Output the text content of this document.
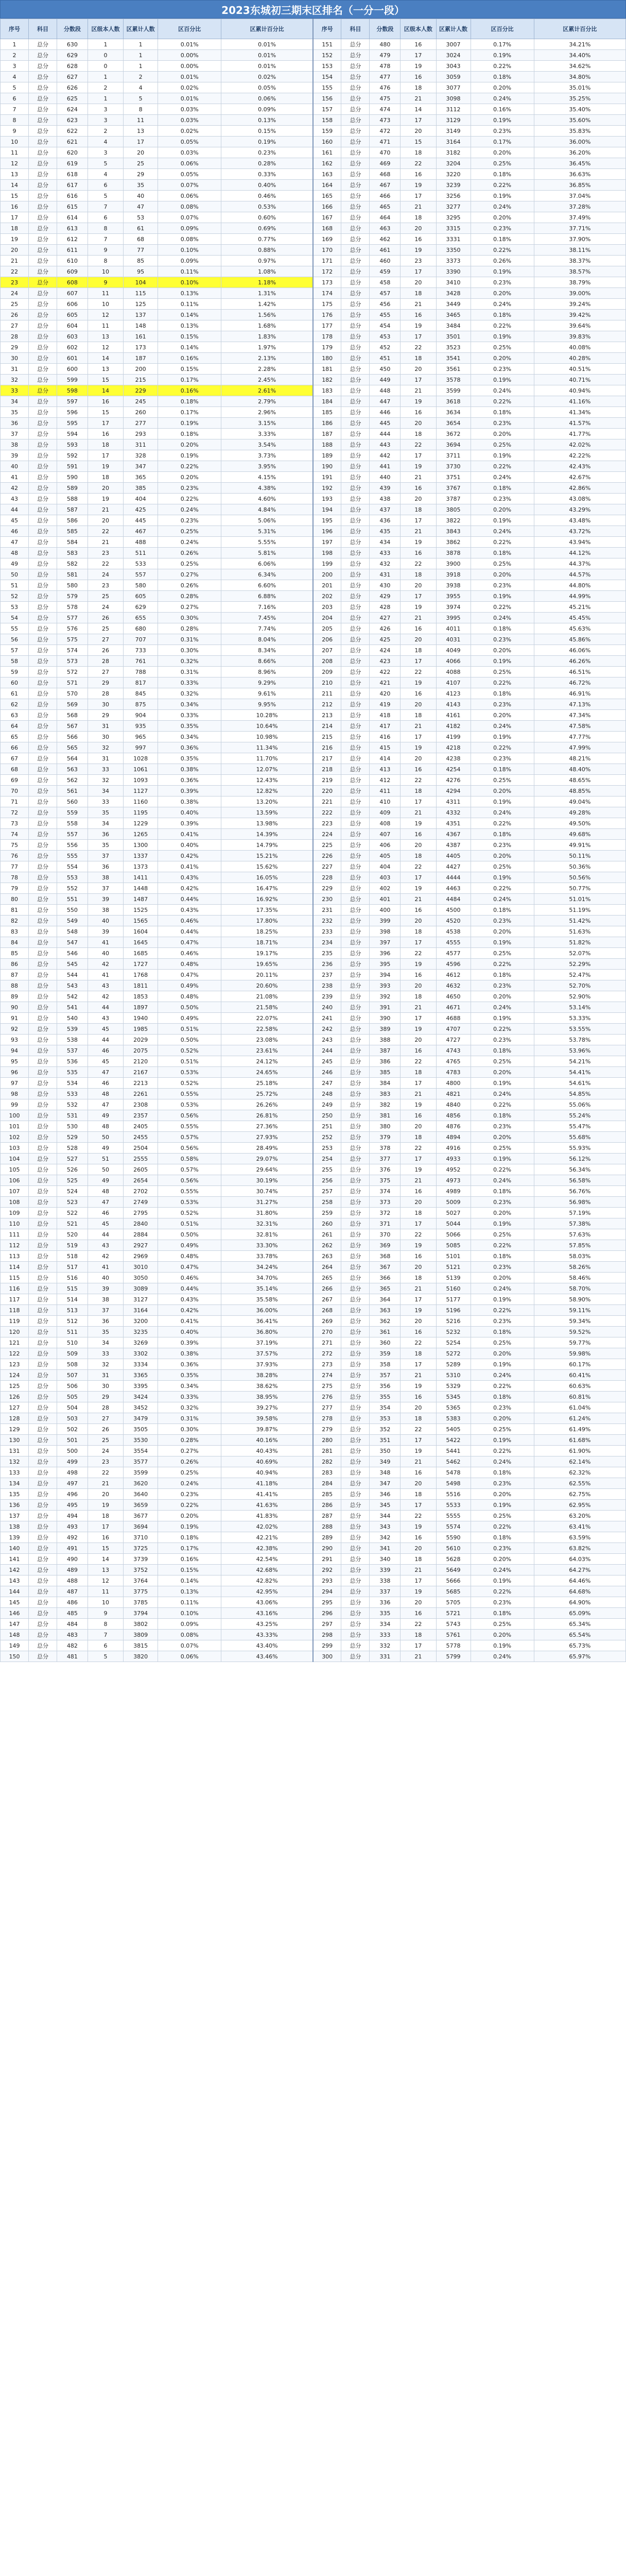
2023东城初三期末区排名（一分一段）
序号	科目	分数段	区级本人数	区累计人数	区百分比	区累计百分比	序号	科目	分数段	区级本人数	区累计人数	区百分比	区累计百分比
1	总分	630	1	1	0.01%	0.01%	151	总分	480	16	3007	0.17%	34.21%
2	总分	629	0	1	0.00%	0.01%	152	总分	479	17	3024	0.19%	34.40%
3	总分	628	0	1	0.00%	0.01%	153	总分	478	19	3043	0.22%	34.62%
4	总分	627	1	2	0.01%	0.02%	154	总分	477	16	3059	0.18%	34.80%
5	总分	626	2	4	0.02%	0.05%	155	总分	476	18	3077	0.20%	35.01%
6	总分	625	1	5	0.01%	0.06%	156	总分	475	21	3098	0.24%	35.25%
7	总分	624	3	8	0.03%	0.09%	157	总分	474	14	3112	0.16%	35.40%
8	总分	623	3	11	0.03%	0.13%	158	总分	473	17	3129	0.19%	35.60%
9	总分	622	2	13	0.02%	0.15%	159	总分	472	20	3149	0.23%	35.83%
10	总分	621	4	17	0.05%	0.19%	160	总分	471	15	3164	0.17%	36.00%
11	总分	620	3	20	0.03%	0.23%	161	总分	470	18	3182	0.20%	36.20%
12	总分	619	5	25	0.06%	0.28%	162	总分	469	22	3204	0.25%	36.45%
13	总分	618	4	29	0.05%	0.33%	163	总分	468	16	3220	0.18%	36.63%
14	总分	617	6	35	0.07%	0.40%	164	总分	467	19	3239	0.22%	36.85%
15	总分	616	5	40	0.06%	0.46%	165	总分	466	17	3256	0.19%	37.04%
16	总分	615	7	47	0.08%	0.53%	166	总分	465	21	3277	0.24%	37.28%
17	总分	614	6	53	0.07%	0.60%	167	总分	464	18	3295	0.20%	37.49%
18	总分	613	8	61	0.09%	0.69%	168	总分	463	20	3315	0.23%	37.71%
19	总分	612	7	68	0.08%	0.77%	169	总分	462	16	3331	0.18%	37.90%
20	总分	611	9	77	0.10%	0.88%	170	总分	461	19	3350	0.22%	38.11%
21	总分	610	8	85	0.09%	0.97%	171	总分	460	23	3373	0.26%	38.37%
22	总分	609	10	95	0.11%	1.08%	172	总分	459	17	3390	0.19%	38.57%
23	总分	608	9	104	0.10%	1.18%	173	总分	458	20	3410	0.23%	38.79%
24	总分	607	11	115	0.13%	1.31%	174	总分	457	18	3428	0.20%	39.00%
25	总分	606	10	125	0.11%	1.42%	175	总分	456	21	3449	0.24%	39.24%
26	总分	605	12	137	0.14%	1.56%	176	总分	455	16	3465	0.18%	39.42%
27	总分	604	11	148	0.13%	1.68%	177	总分	454	19	3484	0.22%	39.64%
28	总分	603	13	161	0.15%	1.83%	178	总分	453	17	3501	0.19%	39.83%
29	总分	602	12	173	0.14%	1.97%	179	总分	452	22	3523	0.25%	40.08%
30	总分	601	14	187	0.16%	2.13%	180	总分	451	18	3541	0.20%	40.28%
31	总分	600	13	200	0.15%	2.28%	181	总分	450	20	3561	0.23%	40.51%
32	总分	599	15	215	0.17%	2.45%	182	总分	449	17	3578	0.19%	40.71%
33	总分	598	14	229	0.16%	2.61%	183	总分	448	21	3599	0.24%	40.94%
34	总分	597	16	245	0.18%	2.79%	184	总分	447	19	3618	0.22%	41.16%
35	总分	596	15	260	0.17%	2.96%	185	总分	446	16	3634	0.18%	41.34%
36	总分	595	17	277	0.19%	3.15%	186	总分	445	20	3654	0.23%	41.57%
37	总分	594	16	293	0.18%	3.33%	187	总分	444	18	3672	0.20%	41.77%
38	总分	593	18	311	0.20%	3.54%	188	总分	443	22	3694	0.25%	42.02%
39	总分	592	17	328	0.19%	3.73%	189	总分	442	17	3711	0.19%	42.22%
40	总分	591	19	347	0.22%	3.95%	190	总分	441	19	3730	0.22%	42.43%
41	总分	590	18	365	0.20%	4.15%	191	总分	440	21	3751	0.24%	42.67%
42	总分	589	20	385	0.23%	4.38%	192	总分	439	16	3767	0.18%	42.86%
43	总分	588	19	404	0.22%	4.60%	193	总分	438	20	3787	0.23%	43.08%
44	总分	587	21	425	0.24%	4.84%	194	总分	437	18	3805	0.20%	43.29%
45	总分	586	20	445	0.23%	5.06%	195	总分	436	17	3822	0.19%	43.48%
46	总分	585	22	467	0.25%	5.31%	196	总分	435	21	3843	0.24%	43.72%
47	总分	584	21	488	0.24%	5.55%	197	总分	434	19	3862	0.22%	43.94%
48	总分	583	23	511	0.26%	5.81%	198	总分	433	16	3878	0.18%	44.12%
49	总分	582	22	533	0.25%	6.06%	199	总分	432	22	3900	0.25%	44.37%
50	总分	581	24	557	0.27%	6.34%	200	总分	431	18	3918	0.20%	44.57%
51	总分	580	23	580	0.26%	6.60%	201	总分	430	20	3938	0.23%	44.80%
52	总分	579	25	605	0.28%	6.88%	202	总分	429	17	3955	0.19%	44.99%
53	总分	578	24	629	0.27%	7.16%	203	总分	428	19	3974	0.22%	45.21%
54	总分	577	26	655	0.30%	7.45%	204	总分	427	21	3995	0.24%	45.45%
55	总分	576	25	680	0.28%	7.74%	205	总分	426	16	4011	0.18%	45.63%
56	总分	575	27	707	0.31%	8.04%	206	总分	425	20	4031	0.23%	45.86%
57	总分	574	26	733	0.30%	8.34%	207	总分	424	18	4049	0.20%	46.06%
58	总分	573	28	761	0.32%	8.66%	208	总分	423	17	4066	0.19%	46.26%
59	总分	572	27	788	0.31%	8.96%	209	总分	422	22	4088	0.25%	46.51%
60	总分	571	29	817	0.33%	9.29%	210	总分	421	19	4107	0.22%	46.72%
61	总分	570	28	845	0.32%	9.61%	211	总分	420	16	4123	0.18%	46.91%
62	总分	569	30	875	0.34%	9.95%	212	总分	419	20	4143	0.23%	47.13%
63	总分	568	29	904	0.33%	10.28%	213	总分	418	18	4161	0.20%	47.34%
64	总分	567	31	935	0.35%	10.64%	214	总分	417	21	4182	0.24%	47.58%
65	总分	566	30	965	0.34%	10.98%	215	总分	416	17	4199	0.19%	47.77%
66	总分	565	32	997	0.36%	11.34%	216	总分	415	19	4218	0.22%	47.99%
67	总分	564	31	1028	0.35%	11.70%	217	总分	414	20	4238	0.23%	48.21%
68	总分	563	33	1061	0.38%	12.07%	218	总分	413	16	4254	0.18%	48.40%
69	总分	562	32	1093	0.36%	12.43%	219	总分	412	22	4276	0.25%	48.65%
70	总分	561	34	1127	0.39%	12.82%	220	总分	411	18	4294	0.20%	48.85%
71	总分	560	33	1160	0.38%	13.20%	221	总分	410	17	4311	0.19%	49.04%
72	总分	559	35	1195	0.40%	13.59%	222	总分	409	21	4332	0.24%	49.28%
73	总分	558	34	1229	0.39%	13.98%	223	总分	408	19	4351	0.22%	49.50%
74	总分	557	36	1265	0.41%	14.39%	224	总分	407	16	4367	0.18%	49.68%
75	总分	556	35	1300	0.40%	14.79%	225	总分	406	20	4387	0.23%	49.91%
76	总分	555	37	1337	0.42%	15.21%	226	总分	405	18	4405	0.20%	50.11%
77	总分	554	36	1373	0.41%	15.62%	227	总分	404	22	4427	0.25%	50.36%
78	总分	553	38	1411	0.43%	16.05%	228	总分	403	17	4444	0.19%	50.56%
79	总分	552	37	1448	0.42%	16.47%	229	总分	402	19	4463	0.22%	50.77%
80	总分	551	39	1487	0.44%	16.92%	230	总分	401	21	4484	0.24%	51.01%
81	总分	550	38	1525	0.43%	17.35%	231	总分	400	16	4500	0.18%	51.19%
82	总分	549	40	1565	0.46%	17.80%	232	总分	399	20	4520	0.23%	51.42%
83	总分	548	39	1604	0.44%	18.25%	233	总分	398	18	4538	0.20%	51.63%
84	总分	547	41	1645	0.47%	18.71%	234	总分	397	17	4555	0.19%	51.82%
85	总分	546	40	1685	0.46%	19.17%	235	总分	396	22	4577	0.25%	52.07%
86	总分	545	42	1727	0.48%	19.65%	236	总分	395	19	4596	0.22%	52.29%
87	总分	544	41	1768	0.47%	20.11%	237	总分	394	16	4612	0.18%	52.47%
88	总分	543	43	1811	0.49%	20.60%	238	总分	393	20	4632	0.23%	52.70%
89	总分	542	42	1853	0.48%	21.08%	239	总分	392	18	4650	0.20%	52.90%
90	总分	541	44	1897	0.50%	21.58%	240	总分	391	21	4671	0.24%	53.14%
91	总分	540	43	1940	0.49%	22.07%	241	总分	390	17	4688	0.19%	53.33%
92	总分	539	45	1985	0.51%	22.58%	242	总分	389	19	4707	0.22%	53.55%
93	总分	538	44	2029	0.50%	23.08%	243	总分	388	20	4727	0.23%	53.78%
94	总分	537	46	2075	0.52%	23.61%	244	总分	387	16	4743	0.18%	53.96%
95	总分	536	45	2120	0.51%	24.12%	245	总分	386	22	4765	0.25%	54.21%
96	总分	535	47	2167	0.53%	24.65%	246	总分	385	18	4783	0.20%	54.41%
97	总分	534	46	2213	0.52%	25.18%	247	总分	384	17	4800	0.19%	54.61%
98	总分	533	48	2261	0.55%	25.72%	248	总分	383	21	4821	0.24%	54.85%
99	总分	532	47	2308	0.53%	26.26%	249	总分	382	19	4840	0.22%	55.06%
100	总分	531	49	2357	0.56%	26.81%	250	总分	381	16	4856	0.18%	55.24%
101	总分	530	48	2405	0.55%	27.36%	251	总分	380	20	4876	0.23%	55.47%
102	总分	529	50	2455	0.57%	27.93%	252	总分	379	18	4894	0.20%	55.68%
103	总分	528	49	2504	0.56%	28.49%	253	总分	378	22	4916	0.25%	55.93%
104	总分	527	51	2555	0.58%	29.07%	254	总分	377	17	4933	0.19%	56.12%
105	总分	526	50	2605	0.57%	29.64%	255	总分	376	19	4952	0.22%	56.34%
106	总分	525	49	2654	0.56%	30.19%	256	总分	375	21	4973	0.24%	56.58%
107	总分	524	48	2702	0.55%	30.74%	257	总分	374	16	4989	0.18%	56.76%
108	总分	523	47	2749	0.53%	31.27%	258	总分	373	20	5009	0.23%	56.98%
109	总分	522	46	2795	0.52%	31.80%	259	总分	372	18	5027	0.20%	57.19%
110	总分	521	45	2840	0.51%	32.31%	260	总分	371	17	5044	0.19%	57.38%
111	总分	520	44	2884	0.50%	32.81%	261	总分	370	22	5066	0.25%	57.63%
112	总分	519	43	2927	0.49%	33.30%	262	总分	369	19	5085	0.22%	57.85%
113	总分	518	42	2969	0.48%	33.78%	263	总分	368	16	5101	0.18%	58.03%
114	总分	517	41	3010	0.47%	34.24%	264	总分	367	20	5121	0.23%	58.26%
115	总分	516	40	3050	0.46%	34.70%	265	总分	366	18	5139	0.20%	58.46%
116	总分	515	39	3089	0.44%	35.14%	266	总分	365	21	5160	0.24%	58.70%
117	总分	514	38	3127	0.43%	35.58%	267	总分	364	17	5177	0.19%	58.90%
118	总分	513	37	3164	0.42%	36.00%	268	总分	363	19	5196	0.22%	59.11%
119	总分	512	36	3200	0.41%	36.41%	269	总分	362	20	5216	0.23%	59.34%
120	总分	511	35	3235	0.40%	36.80%	270	总分	361	16	5232	0.18%	59.52%
121	总分	510	34	3269	0.39%	37.19%	271	总分	360	22	5254	0.25%	59.77%
122	总分	509	33	3302	0.38%	37.57%	272	总分	359	18	5272	0.20%	59.98%
123	总分	508	32	3334	0.36%	37.93%	273	总分	358	17	5289	0.19%	60.17%
124	总分	507	31	3365	0.35%	38.28%	274	总分	357	21	5310	0.24%	60.41%
125	总分	506	30	3395	0.34%	38.62%	275	总分	356	19	5329	0.22%	60.63%
126	总分	505	29	3424	0.33%	38.95%	276	总分	355	16	5345	0.18%	60.81%
127	总分	504	28	3452	0.32%	39.27%	277	总分	354	20	5365	0.23%	61.04%
128	总分	503	27	3479	0.31%	39.58%	278	总分	353	18	5383	0.20%	61.24%
129	总分	502	26	3505	0.30%	39.87%	279	总分	352	22	5405	0.25%	61.49%
130	总分	501	25	3530	0.28%	40.16%	280	总分	351	17	5422	0.19%	61.68%
131	总分	500	24	3554	0.27%	40.43%	281	总分	350	19	5441	0.22%	61.90%
132	总分	499	23	3577	0.26%	40.69%	282	总分	349	21	5462	0.24%	62.14%
133	总分	498	22	3599	0.25%	40.94%	283	总分	348	16	5478	0.18%	62.32%
134	总分	497	21	3620	0.24%	41.18%	284	总分	347	20	5498	0.23%	62.55%
135	总分	496	20	3640	0.23%	41.41%	285	总分	346	18	5516	0.20%	62.75%
136	总分	495	19	3659	0.22%	41.63%	286	总分	345	17	5533	0.19%	62.95%
137	总分	494	18	3677	0.20%	41.83%	287	总分	344	22	5555	0.25%	63.20%
138	总分	493	17	3694	0.19%	42.02%	288	总分	343	19	5574	0.22%	63.41%
139	总分	492	16	3710	0.18%	42.21%	289	总分	342	16	5590	0.18%	63.59%
140	总分	491	15	3725	0.17%	42.38%	290	总分	341	20	5610	0.23%	63.82%
141	总分	490	14	3739	0.16%	42.54%	291	总分	340	18	5628	0.20%	64.03%
142	总分	489	13	3752	0.15%	42.68%	292	总分	339	21	5649	0.24%	64.27%
143	总分	488	12	3764	0.14%	42.82%	293	总分	338	17	5666	0.19%	64.46%
144	总分	487	11	3775	0.13%	42.95%	294	总分	337	19	5685	0.22%	64.68%
145	总分	486	10	3785	0.11%	43.06%	295	总分	336	20	5705	0.23%	64.90%
146	总分	485	9	3794	0.10%	43.16%	296	总分	335	16	5721	0.18%	65.09%
147	总分	484	8	3802	0.09%	43.25%	297	总分	334	22	5743	0.25%	65.34%
148	总分	483	7	3809	0.08%	43.33%	298	总分	333	18	5761	0.20%	65.54%
149	总分	482	6	3815	0.07%	43.40%	299	总分	332	17	5778	0.19%	65.73%
150	总分	481	5	3820	0.06%	43.46%	300	总分	331	21	5799	0.24%	65.97%
